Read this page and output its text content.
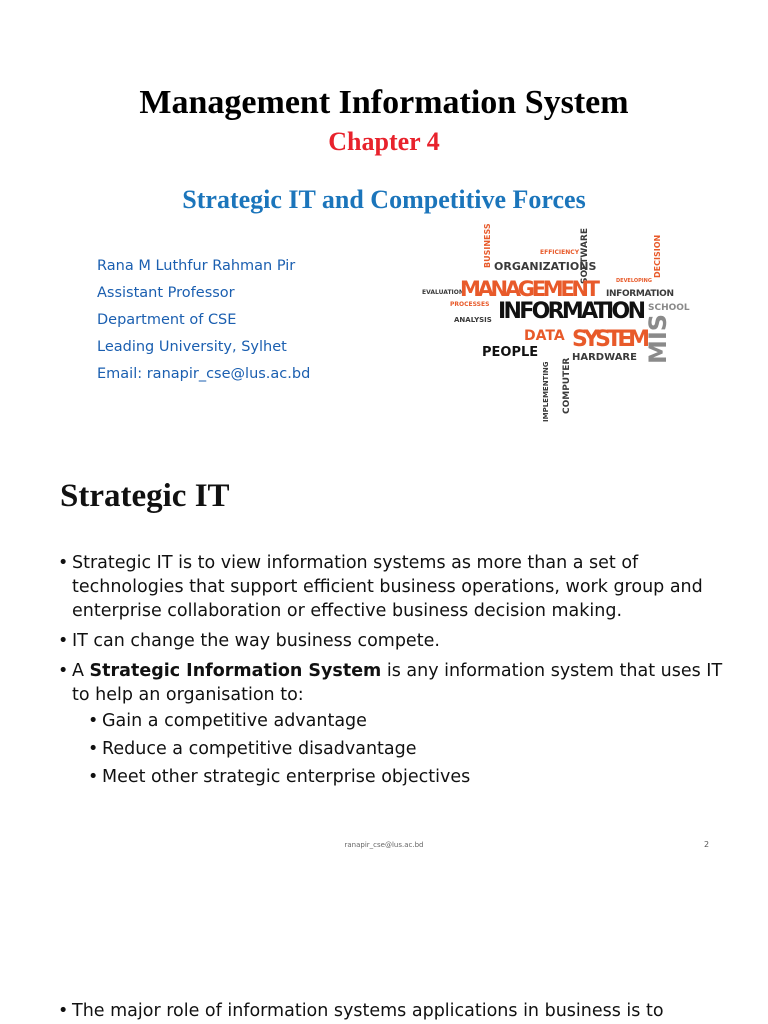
Management Information System
Chapter 4
Strategic IT and Competitive Forces
Rana M Luthfur Rahman Pir
Assistant Professor
Department of CSE
Leading University, Sylhet
Email: ranapir_cse@lus.ac.bd
BUSINESS	SOFTWARE	DECISION
MIS
COMPUTER
IMPLEMENTING
EFFICIENCY
ORGANIZATIONS
DEVELOPING
EVALUATION
MANAGEMENT INFORMATION
PROCESSES INFORMATION SCHOOL
ANALYSIS
DATA SYSTEM
PEOPLE	HARDWARE
Strategic IT
• Strategic IT is to view information systems as more than a set of technologies that support efficient business operations, work group and enterprise collaboration or effective business decision making.
• IT can change the way business compete.
• A Strategic Information System is any information system that uses IT to help an organisation to:
• Gain a competitive advantage
• Reduce a competitive disadvantage
• Meet other strategic enterprise objectives
ranapir_cse@lus.ac.bd	2
• The major role of information systems applications in business is to
